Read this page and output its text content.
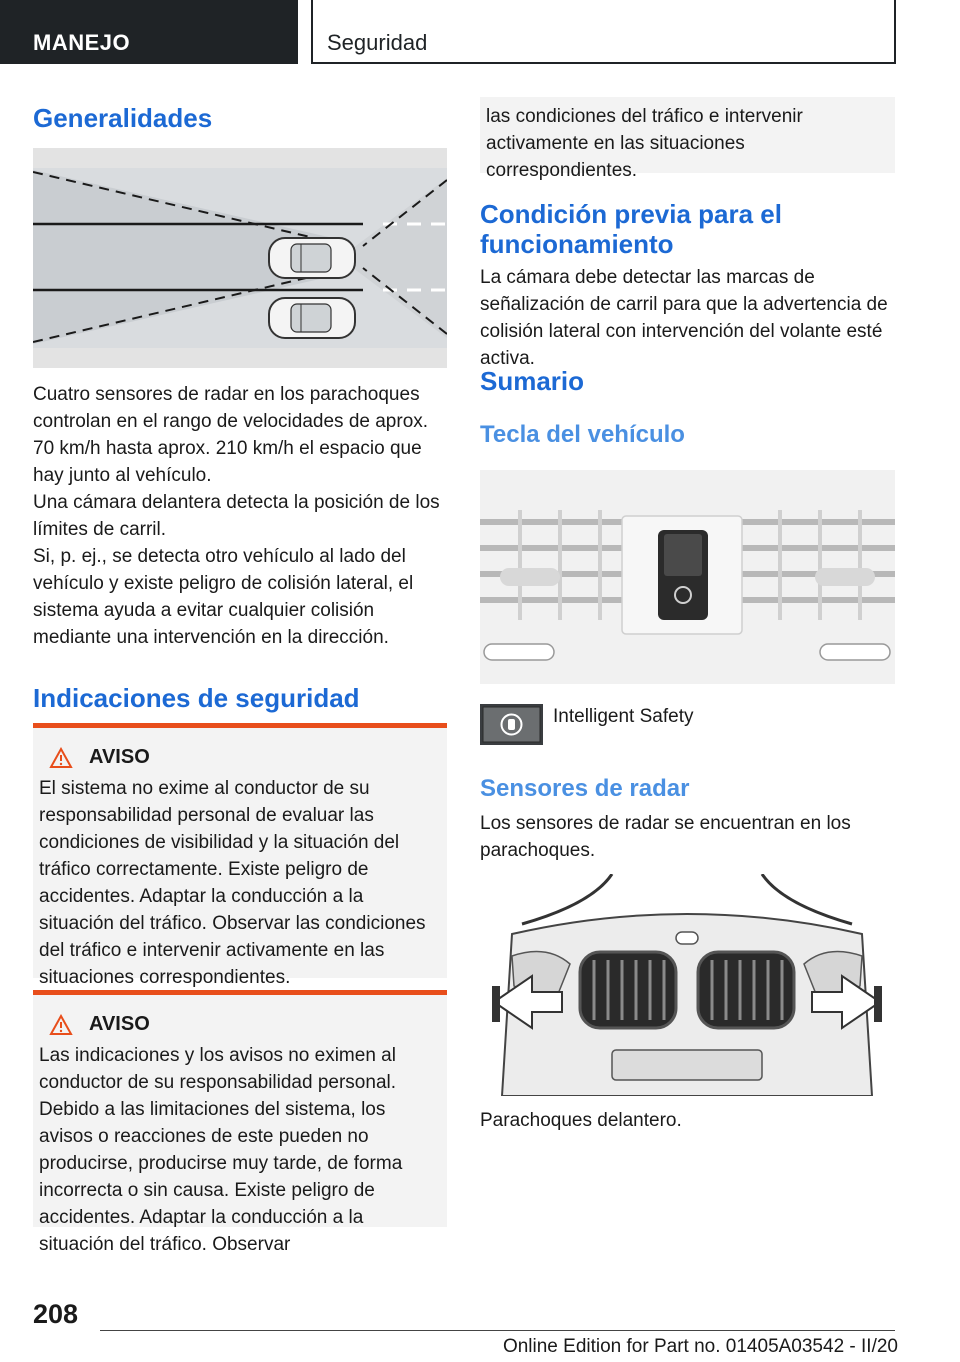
MANEJO	Seguridad
Generalidades

Cuatro sensores de radar en los parachoques controlan en el rango de velocidades de aprox. 70 km/h hasta aprox. 210 km/h el espacio que hay junto al vehículo.

Una cámara delantera detecta la posición de los límites de carril.

Si, p. ej., se detecta otro vehículo al lado del vehículo y existe peligro de colisión lateral, el sistema ayuda a evitar cualquier colisión mediante una intervención en la dirección.

Indicaciones de seguridad
AVISO
El sistema no exime al conductor de su responsabilidad personal de evaluar las condiciones de visibilidad y la situación del tráfico correctamente. Existe peligro de accidentes. Adaptar la conducción a la situación del tráfico. Observar las condiciones del tráfico e intervenir activamente en las situaciones correspondientes.
AVISO
Las indicaciones y los avisos no eximen al conductor de su responsabilidad personal. Debido a las limitaciones del sistema, los avisos o reacciones de este pueden no producirse, producirse muy tarde, de forma incorrecta o sin causa. Existe peligro de accidentes. Adaptar la conducción a la situación del tráfico. Observar

las condiciones del tráfico e intervenir activamente en las situaciones correspondientes.

Condición previa para el funcionamiento

La cámara debe detectar las marcas de señalización de carril para que la advertencia de colisión lateral con intervención del volante esté activa.

Sumario
Tecla del vehículo

Intelligent Safety

Sensores de radar

Los sensores de radar se encuentran en los parachoques.

Parachoques delantero.

208
Online Edition for Part no. 01405A03542 - II/20
